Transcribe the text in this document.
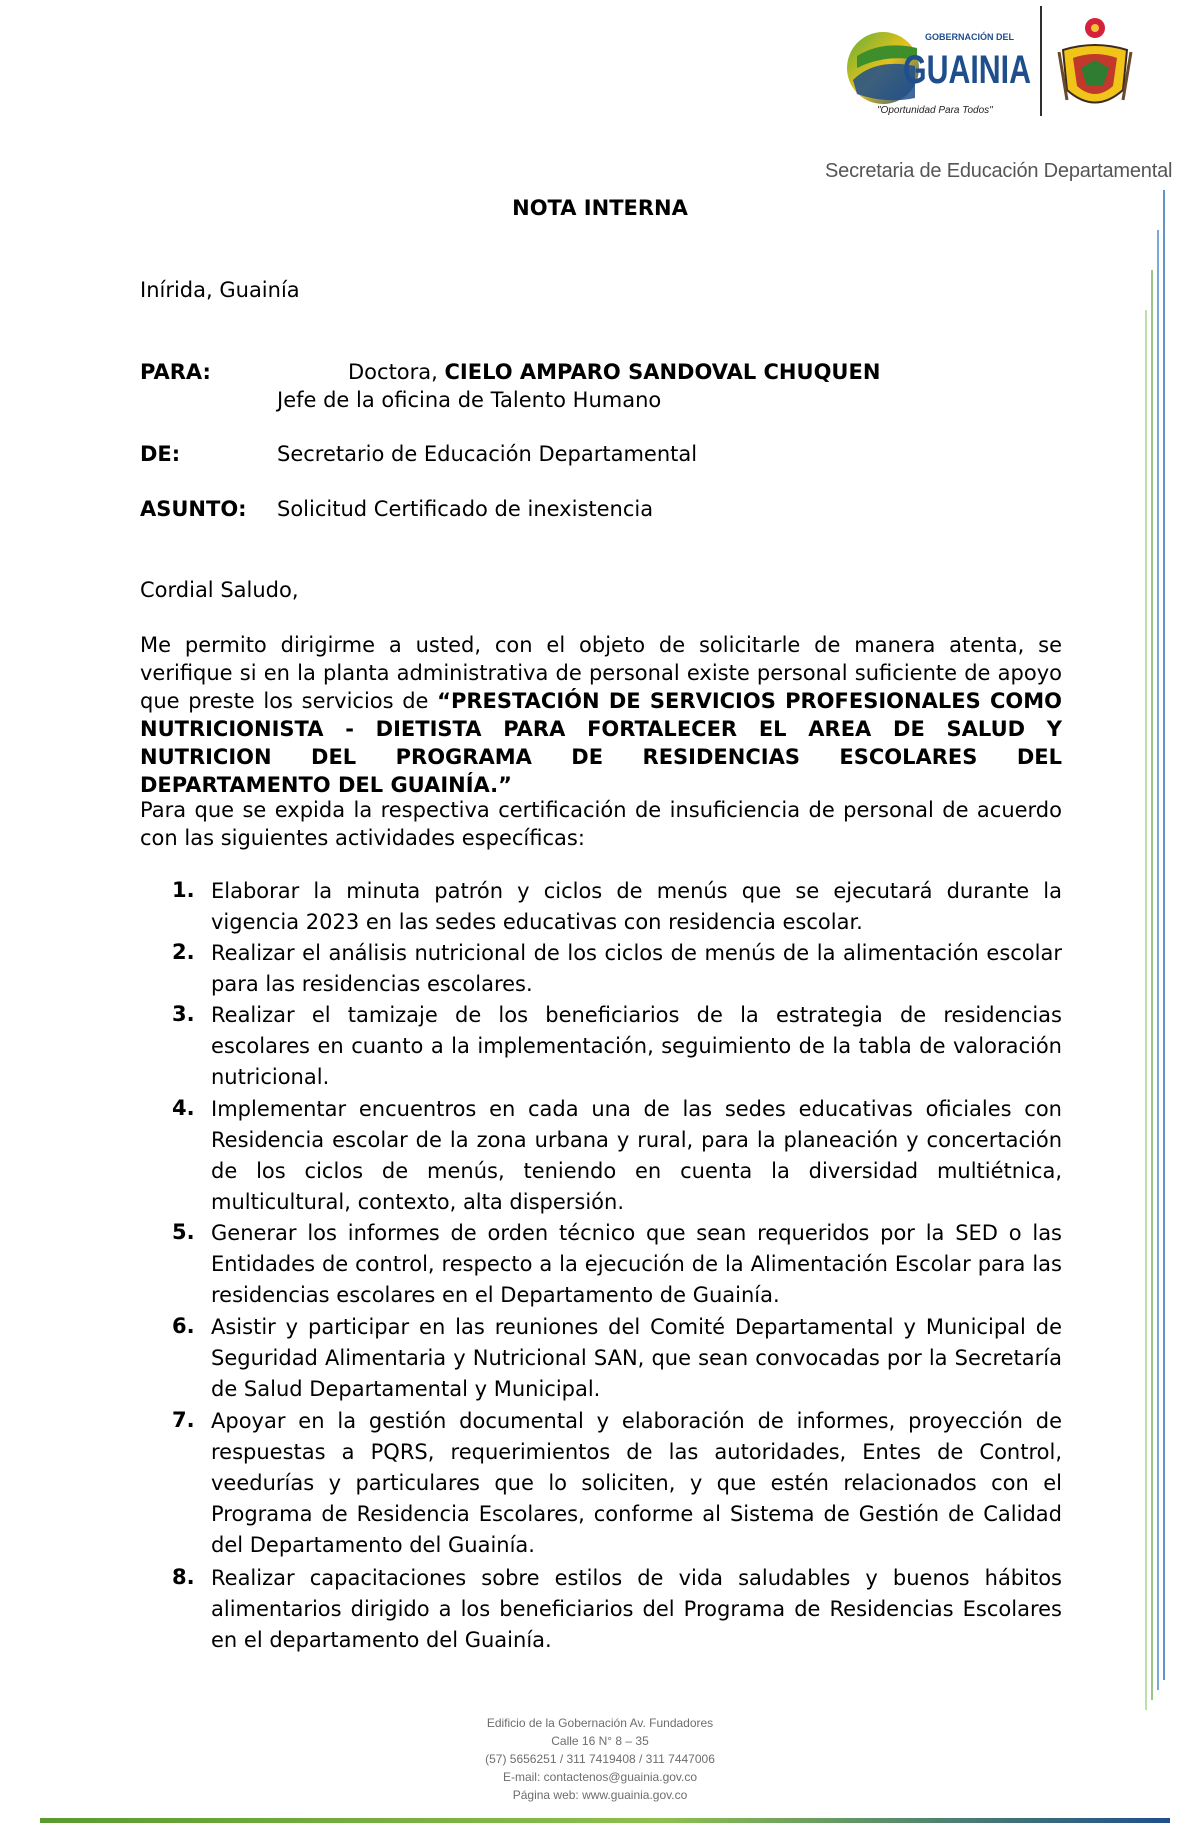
GOBERNACIÓN DEL
GUAINIA
"Oportunidad Para Todos"
Secretaria de Educación Departamental
NOTA INTERNA
Inírida, Guainía
PARA:	Doctora, CIELO AMPARO SANDOVAL CHUQUEN
Jefe de la oficina de Talento Humano
DE:	Secretario de Educación Departamental
ASUNTO: Solicitud Certificado de inexistencia
Cordial Saludo,
Me permito dirigirme a usted, con el objeto de solicitarle de manera atenta, se verifique si en la planta administrativa de personal existe personal suficiente de apoyo que preste los servicios de “PRESTACIÓN DE SERVICIOS PROFESIONALES COMO NUTRICIONISTA - DIETISTA PARA FORTALECER EL AREA DE SALUD Y NUTRICION DEL PROGRAMA DE RESIDENCIAS ESCOLARES DEL DEPARTAMENTO DEL GUAINÍA.”
Para que se expida la respectiva certificación de insuficiencia de personal de acuerdo con las siguientes actividades específicas:
1. Elaborar la minuta patrón y ciclos de menús que se ejecutará durante la vigencia 2023 en las sedes educativas con residencia escolar.
2. Realizar el análisis nutricional de los ciclos de menús de la alimentación escolar para las residencias escolares.
3. Realizar el tamizaje de los beneficiarios de la estrategia de residencias escolares en cuanto a la implementación, seguimiento de la tabla de valoración nutricional.
4. Implementar encuentros en cada una de las sedes educativas oficiales con Residencia escolar de la zona urbana y rural, para la planeación y concertación de los ciclos de menús, teniendo en cuenta la diversidad multiétnica, multicultural, contexto, alta dispersión.
5. Generar los informes de orden técnico que sean requeridos por la SED o las Entidades de control, respecto a la ejecución de la Alimentación Escolar para las residencias escolares en el Departamento de Guainía.
6. Asistir y participar en las reuniones del Comité Departamental y Municipal de Seguridad Alimentaria y Nutricional SAN, que sean convocadas por la Secretaría de Salud Departamental y Municipal.
7. Apoyar en la gestión documental y elaboración de informes, proyección de respuestas a PQRS, requerimientos de las autoridades, Entes de Control, veedurías y particulares que lo soliciten, y que estén relacionados con el Programa de Residencia Escolares, conforme al Sistema de Gestión de Calidad del Departamento del Guainía.
8. Realizar capacitaciones sobre estilos de vida saludables y buenos hábitos alimentarios dirigido a los beneficiarios del Programa de Residencias Escolares en el departamento del Guainía.
Edificio de la Gobernación Av. Fundadores
Calle 16 N° 8 – 35
(57) 5656251 / 311 7419408 / 311 7447006
E-mail: contactenos@guainia.gov.co
Página web: www.guainia.gov.co
